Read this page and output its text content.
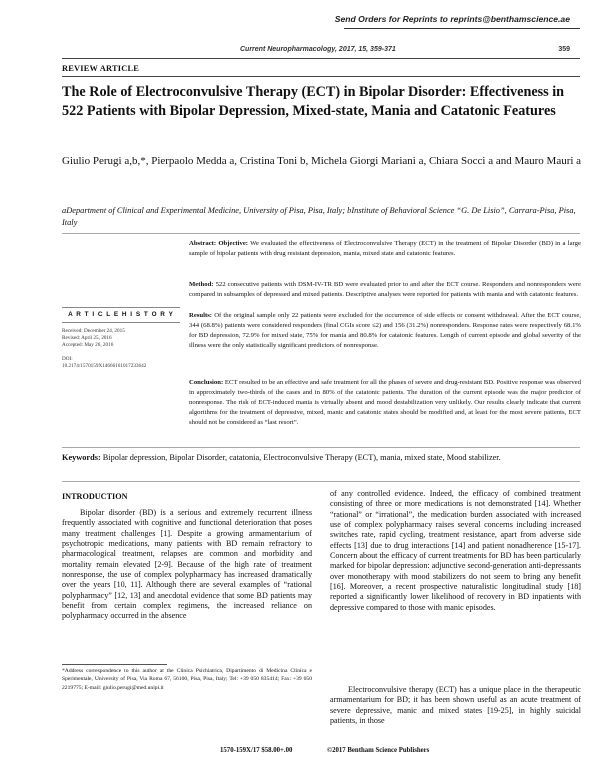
Send Orders for Reprints to reprints@benthamscience.ae
Current Neuropharmacology, 2017, 15, 359-371	359
REVIEW ARTICLE
The Role of Electroconvulsive Therapy (ECT) in Bipolar Disorder: Effectiveness in 522 Patients with Bipolar Depression, Mixed-state, Mania and Catatonic Features
Giulio Perugi a,b,*, Pierpaolo Medda a, Cristina Toni b, Michela Giorgi Mariani a, Chiara Socci a and Mauro Mauri a
aDepartment of Clinical and Experimental Medicine, University of Pisa, Pisa, Italy; bInstitute of Behavioral Science “G. De Lisio”, Carrara-Pisa, Pisa, Italy
Abstract: Objective: We evaluated the effectiveness of Electroconvulsive Therapy (ECT) in the treatment of Bipolar Disorder (BD) in a large sample of bipolar patients with drug resistant depression, mania, mixed state and catatonic features.
Method: 522 consecutive patients with DSM-IV-TR BD were evaluated prior to and after the ECT course. Responders and nonresponders were compared in subsamples of depressed and mixed patients. Descriptive analyses were reported for patients with mania and with catatonic features.
Results: Of the original sample only 22 patients were excluded for the occurrence of side effects or consent withdrawal. After the ECT course, 344 (68.8%) patients were considered responders (final CGIs score ≤2) and 156 (31.2%) nonresponders. Response rates were respectively 68.1% for BD depression, 72.9% for mixed state, 75% for mania and 80.8% for catatonic features. Length of current episode and global severity of the illness were the only statistically significant predictors of nonresponse.
Conclusion: ECT resulted to be an effective and safe treatment for all the phases of severe and drug-resistant BD. Positive response was observed in approximately two-thirds of the cases and in 80% of the catatonic patients. The duration of the current episode was the major predictor of nonresponse. The risk of ECT-induced mania is virtually absent and mood destabilization very unlikely. Our results clearly indicate that current algorithms for the treatment of depressive, mixed, manic and catatonic states should be modified and, at least for the most severe patients, ECT should not be considered as “last resort”.
A R T I C L E H I S T O R Y
Received: December 24, 2015
Revised: April 25, 2016
Accepted: May 26, 2016
DOI:
10.2174/1570159X14666161017233642
Keywords: Bipolar depression, Bipolar Disorder, catatonia, Electroconvulsive Therapy (ECT), mania, mixed state, Mood stabilizer.
INTRODUCTION
Bipolar disorder (BD) is a serious and extremely recurrent illness frequently associated with cognitive and functional deterioration that poses many treatment challenges [1]. Despite a growing armamentarium of psychotropic medications, many patients with BD remain refractory to pharmacological treatment, relapses are common and morbidity and mortality remain elevated [2-9]. Because of the high rate of treatment nonresponse, the use of complex polypharmacy has increased dramatically over the years [10, 11]. Although there are several examples of “rational polypharmacy” [12, 13] and anecdotal evidence that some BD patients may benefit from certain complex regimens, the increased reliance on polypharmacy occurred in the absence
of any controlled evidence. Indeed, the efficacy of combined treatment consisting of three or more medications is not demonstrated [14]. Whether “rational” or “irrational”, the medication burden associated with increased use of complex polypharmacy raises several concerns including increased switches rate, rapid cycling, treatment resistance, apart from adverse side effects [13] due to drug interactions [14] and patient nonadherence [15-17]. Concern about the efficacy of current treatments for BD has been particularly marked for bipolar depression: adjunctive second-generation anti-depressants over monotherapy with mood stabilizers do not seem to bring any benefit [16]. Moreover, a recent prospective naturalistic longitudinal study [18] reported a significantly lower likelihood of recovery in BD inpatients with depressive compared to those with manic episodes.
Electroconvulsive therapy (ECT) has a unique place in the therapeutic armamentarium for BD; it has been shown useful as an acute treatment of severe depressive, manic and mixed states [19-25], in highly suicidal patients, in those
*Address correspondence to this author at the Clinica Psichiatrica, Dipartimento di Medicina Clinica e Sperimentale, University of Pisa, Via Roma 67, 56100, Pisa, Pisa, Italy; Tel: +39 050 835414; Fax: +39 050 2219775; E-mail: giulio.perugi@med.unipi.it
1570-159X/17 $58.00+.00	©2017 Bentham Science Publishers
